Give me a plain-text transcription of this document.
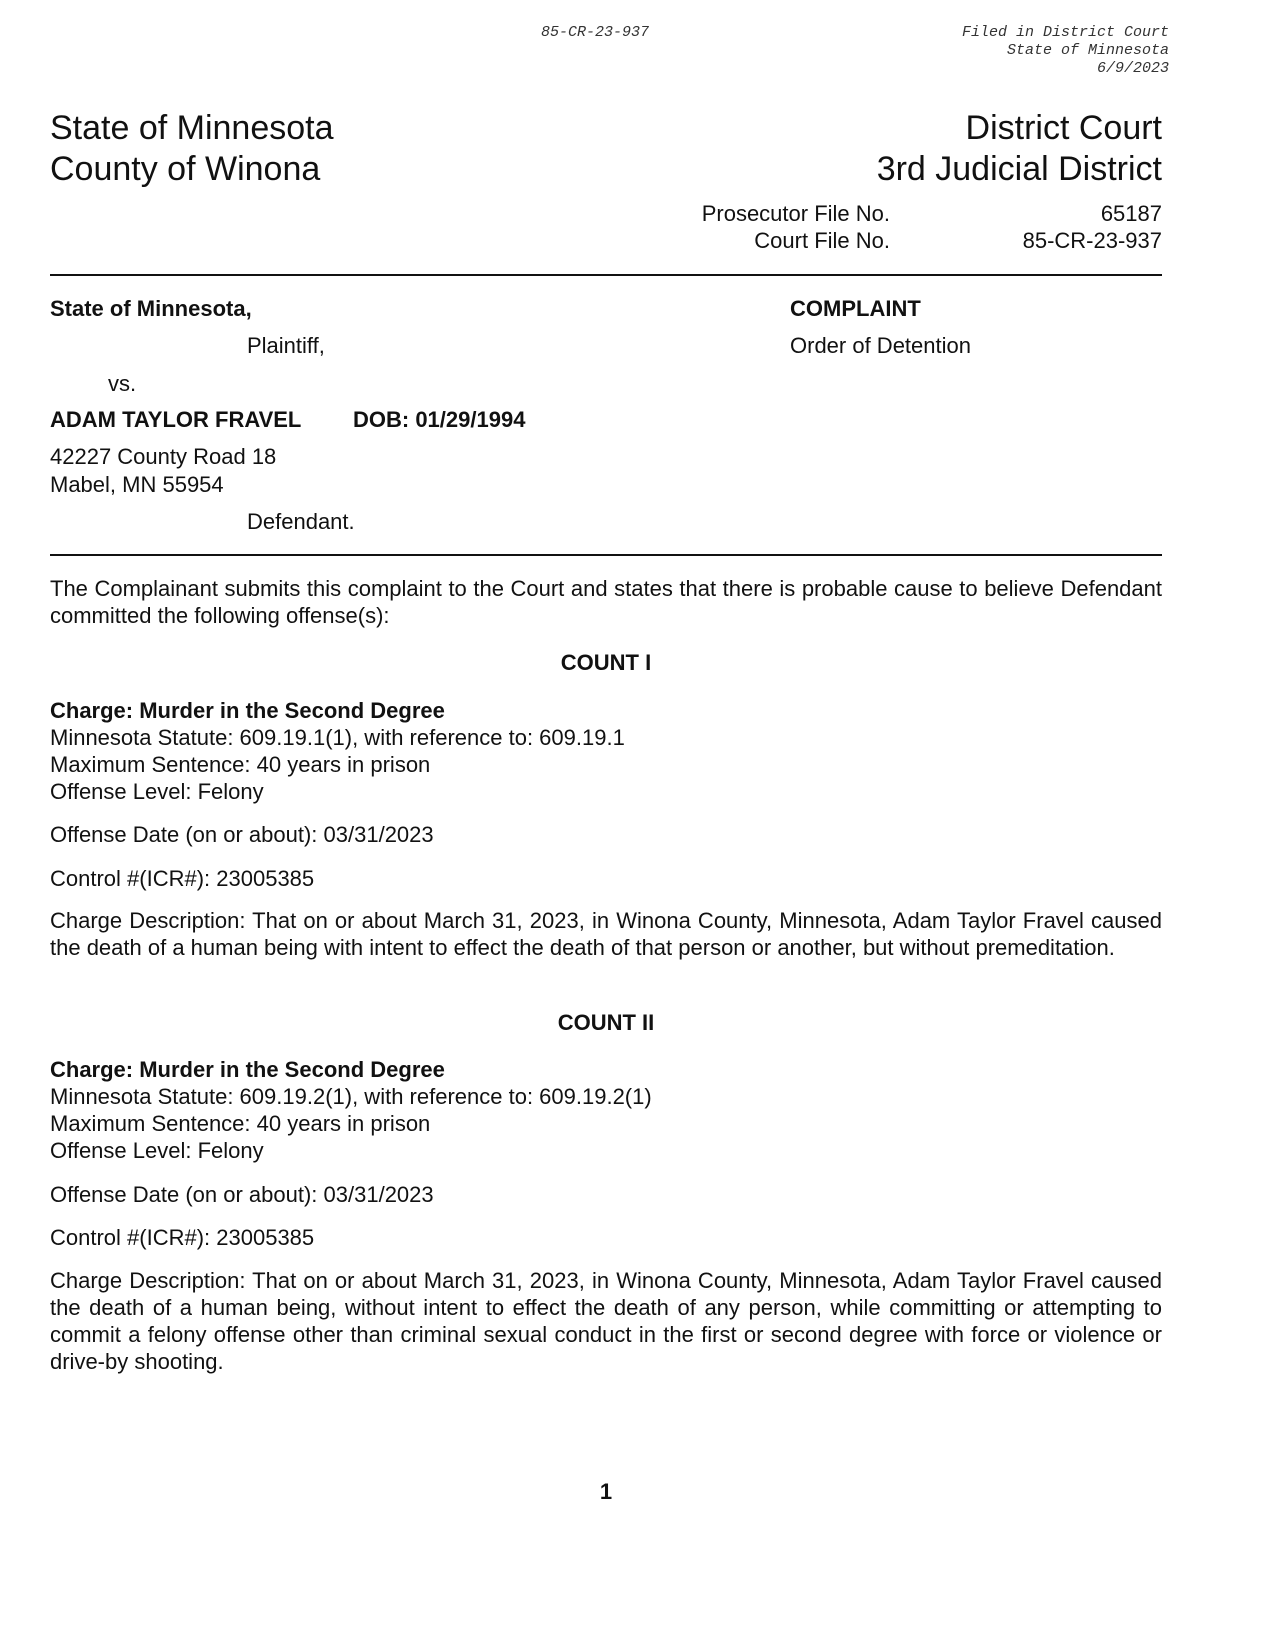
85-CR-23-937	Filed in District Court
State of Minnesota
6/9/2023
State of Minnesota
County of Winona
District Court
3rd Judicial District
Prosecutor File No.	65187
Court File No.	85-CR-23-937
State of Minnesota,	COMPLAINT
Plaintiff,	Order of Detention
vs.
ADAM TAYLOR FRAVEL DOB: 01/29/1994
42227 County Road 18
Mabel, MN 55954
Defendant.
The Complainant submits this complaint to the Court and states that there is probable cause to believe Defendant committed the following offense(s):
COUNT I
Charge: Murder in the Second Degree
Minnesota Statute: 609.19.1(1), with reference to: 609.19.1
Maximum Sentence: 40 years in prison
Offense Level: Felony
Offense Date (on or about): 03/31/2023
Control #(ICR#): 23005385
Charge Description: That on or about March 31, 2023, in Winona County, Minnesota, Adam Taylor Fravel caused the death of a human being with intent to effect the death of that person or another, but without premeditation.
COUNT II
Charge: Murder in the Second Degree
Minnesota Statute: 609.19.2(1), with reference to: 609.19.2(1)
Maximum Sentence: 40 years in prison
Offense Level: Felony
Offense Date (on or about): 03/31/2023
Control #(ICR#): 23005385
Charge Description: That on or about March 31, 2023, in Winona County, Minnesota, Adam Taylor Fravel caused the death of a human being, without intent to effect the death of any person, while committing or attempting to commit a felony offense other than criminal sexual conduct in the first or second degree with force or violence or drive-by shooting.
1
